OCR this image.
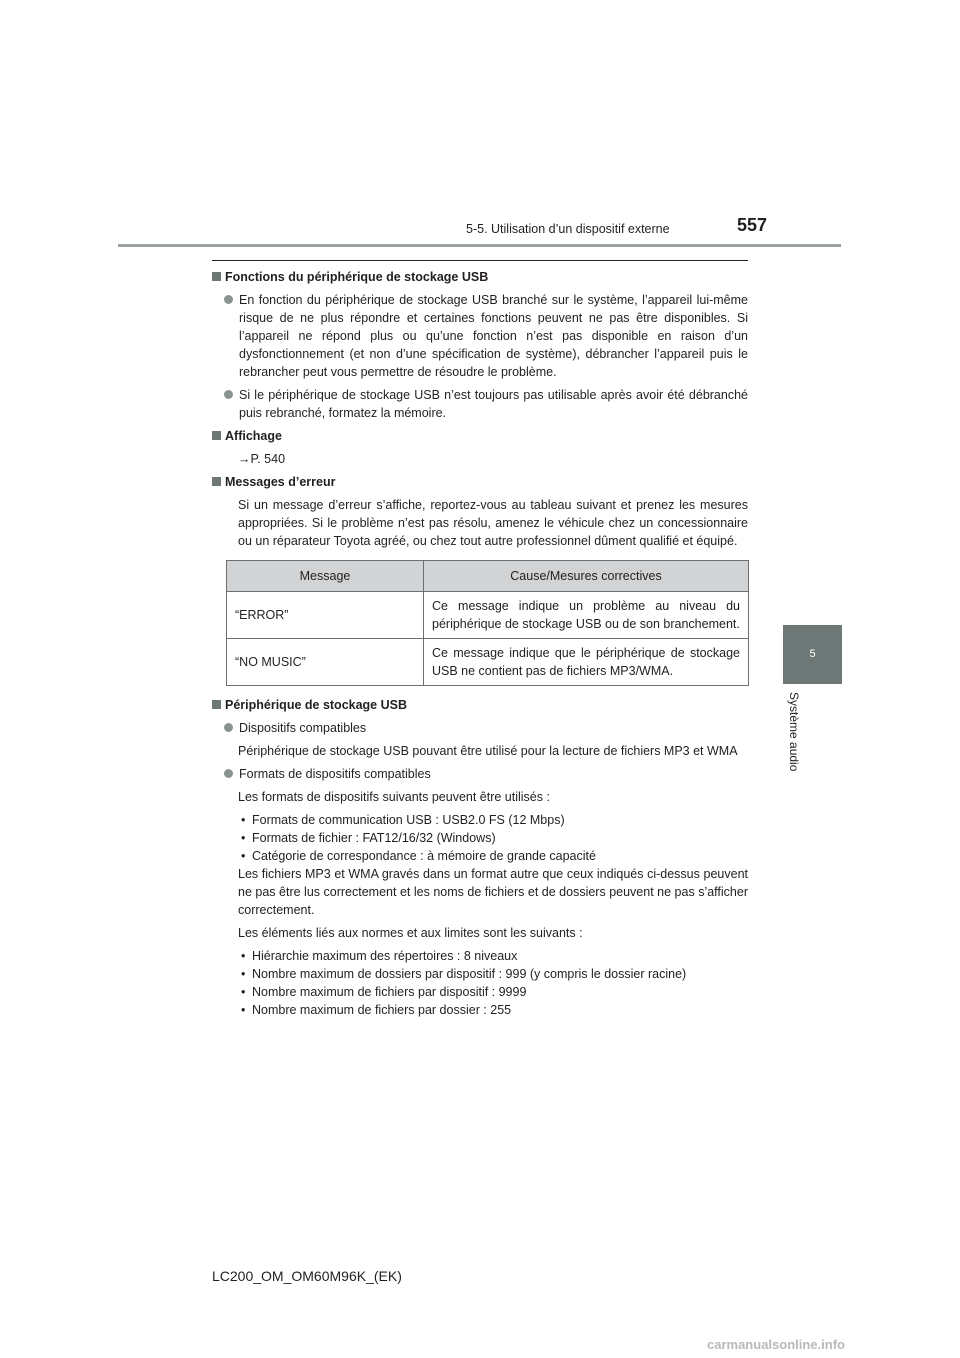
5-5. Utilisation d’un dispositif externe	557
5
Système audio
Fonctions du périphérique de stockage USB
En fonction du périphérique de stockage USB branché sur le système, l’appareil lui-même risque de ne plus répondre et certaines fonctions peuvent ne pas être disponibles. Si l’appareil ne répond plus ou qu’une fonction n’est pas disponible en raison d’un dysfonctionnement (et non d’une spécification de système), débrancher l’appareil puis le rebrancher peut vous permettre de résoudre le problème.
Si le périphérique de stockage USB n’est toujours pas utilisable après avoir été débranché puis rebranché, formatez la mémoire.
Affichage
→P. 540
Messages d’erreur
Si un message d’erreur s’affiche, reportez-vous au tableau suivant et prenez les mesures appropriées. Si le problème n’est pas résolu, amenez le véhicule chez un concessionnaire ou un réparateur Toyota agréé, ou chez tout autre professionnel dûment qualifié et équipé.
Message	Cause/Mesures correctives
“ERROR”	Ce message indique un problème au niveau du périphérique de stockage USB ou de son branchement.
“NO MUSIC”	Ce message indique que le périphérique de stockage USB ne contient pas de fichiers MP3/WMA.
Périphérique de stockage USB
Dispositifs compatibles
Périphérique de stockage USB pouvant être utilisé pour la lecture de fichiers MP3 et WMA
Formats de dispositifs compatibles
Les formats de dispositifs suivants peuvent être utilisés :
• Formats de communication USB : USB2.0 FS (12 Mbps)
• Formats de fichier : FAT12/16/32 (Windows)
• Catégorie de correspondance : à mémoire de grande capacité
Les fichiers MP3 et WMA gravés dans un format autre que ceux indiqués ci-dessus peuvent ne pas être lus correctement et les noms de fichiers et de dossiers peuvent ne pas s’afficher correctement.
Les éléments liés aux normes et aux limites sont les suivants :
• Hiérarchie maximum des répertoires : 8 niveaux
• Nombre maximum de dossiers par dispositif : 999 (y compris le dossier racine)
• Nombre maximum de fichiers par dispositif : 9999
• Nombre maximum de fichiers par dossier : 255
LC200_OM_OM60M96K_(EK)
carmanualsonline.info
